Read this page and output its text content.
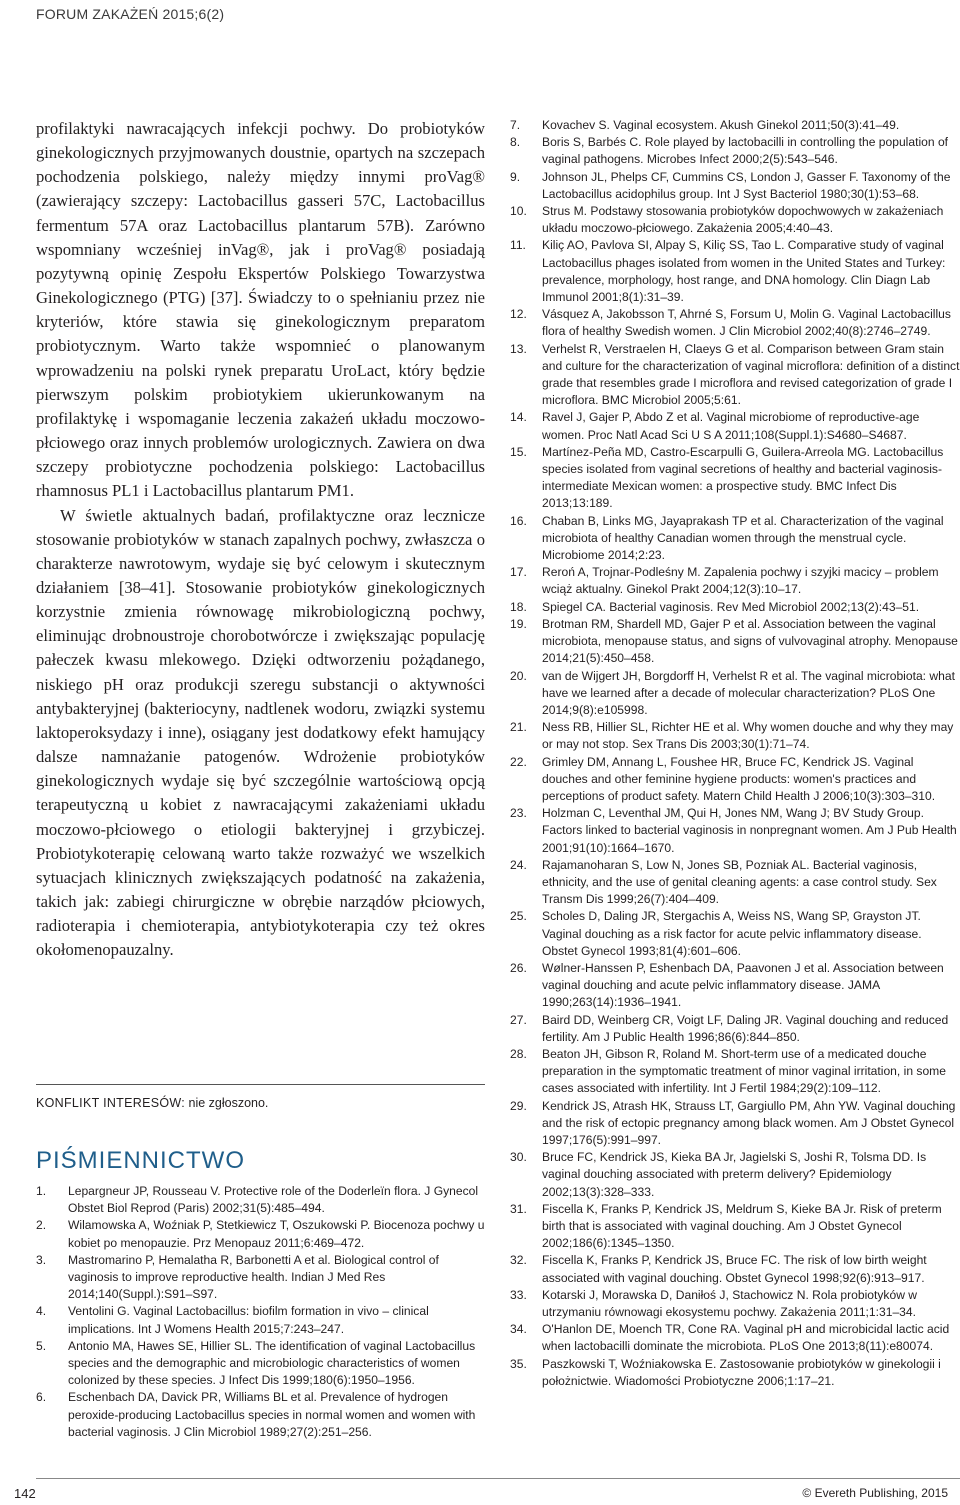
FORUM ZAKAŻEŃ 2015;6(2)

profilaktyki nawracających infekcji pochwy. Do probiotyków ginekologicznych przyjmowanych doustnie, opartych na szczepach pochodzenia polskiego, należy między innymi proVag® (zawierający szczepy: Lactobacillus gasseri 57C, Lactobacillus fermentum 57A oraz Lactobacillus plantarum 57B). Zarówno wspomniany wcześniej inVag®, jak i proVag® posiadają pozytywną opinię Zespołu Ekspertów Polskiego Towarzystwa Ginekologicznego (PTG) [37]. Świadczy to o spełnianiu przez nie kryteriów, które stawia się ginekologicznym preparatom probiotycznym. Warto także wspomnieć o planowanym wprowadzeniu na polski rynek preparatu UroLact, który będzie pierwszym polskim probiotykiem ukierunkowanym na profilaktykę i wspomaganie leczenia zakażeń układu moczowo-płciowego oraz innych problemów urologicznych. Zawiera on dwa szczepy probiotyczne pochodzenia polskiego: Lactobacillus rhamnosus PL1 i Lactobacillus plantarum PM1.

W świetle aktualnych badań, profilaktyczne oraz lecznicze stosowanie probiotyków w stanach zapalnych pochwy, zwłaszcza o charakterze nawrotowym, wydaje się być celowym i skutecznym działaniem [38–41]. Stosowanie probiotyków ginekologicznych korzystnie zmienia równowagę mikrobiologiczną pochwy, eliminując drobnoustroje chorobotwórcze i zwiększając populację pałeczek kwasu mlekowego. Dzięki odtworzeniu pożądanego, niskiego pH oraz produkcji szeregu substancji o aktywności antybakteryjnej (bakteriocyny, nadtlenek wodoru, związki systemu laktoperoksydazy i inne), osiągany jest dodatkowy efekt hamujący dalsze namnażanie patogenów. Wdrożenie probiotyków ginekologicznych wydaje się być szczególnie wartościową opcją terapeutyczną u kobiet z nawracającymi zakażeniami układu moczowo-płciowego o etiologii bakteryjnej i grzybiczej. Probiotykoterapię celowaną warto także rozważyć we wszelkich sytuacjach klinicznych zwiększających podatność na zakażenia, takich jak: zabiegi chirurgiczne w obrębie narządów płciowych, radioterapia i chemioterapia, antybiotykoterapia czy też okres okołomenopauzalny.

KONFLIKT INTERESÓW: nie zgłoszono.
PIŚMIENNICTWO
1.	Lepargneur JP, Rousseau V. Protective role of the Doderleïn flora. J Gynecol Obstet Biol Reprod (Paris) 2002;31(5):485–494.
2.	Wilamowska A, Woźniak P, Stetkiewicz T, Oszukowski P. Biocenoza pochwy u kobiet po menopauzie. Prz Menopauz 2011;6:469–472.
3.	Mastromarino P, Hemalatha R, Barbonetti A et al. Biological control of vaginosis to improve reproductive health. Indian J Med Res 2014;140(Suppl.):S91–S97.
4.	Ventolini G. Vaginal Lactobacillus: biofilm formation in vivo – clinical implications. Int J Womens Health 2015;7:243–247.
5.	Antonio MA, Hawes SE, Hillier SL. The identification of vaginal Lactobacillus species and the demographic and microbiologic characteristics of women colonized by these species. J Infect Dis 1999;180(6):1950–1956.
6.	Eschenbach DA, Davick PR, Williams BL et al. Prevalence of hydrogen peroxide-producing Lactobacillus species in normal women and women with bacterial vaginosis. J Clin Microbiol 1989;27(2):251–256.
7.	Kovachev S. Vaginal ecosystem. Akush Ginekol 2011;50(3):41–49.
8.	Boris S, Barbés C. Role played by lactobacilli in controlling the population of vaginal pathogens. Microbes Infect 2000;2(5):543–546.
9.	Johnson JL, Phelps CF, Cummins CS, London J, Gasser F. Taxonomy of the Lactobacillus acidophilus group. Int J Syst Bacteriol 1980;30(1):53–68.
10.	Strus M. Podstawy stosowania probiotyków dopochwowych w zakażeniach układu moczowo-płciowego. Zakażenia 2005;4:40–43.
11.	Kiliç AO, Pavlova SI, Alpay S, Kiliç SS, Tao L. Comparative study of vaginal Lactobacillus phages isolated from women in the United States and Turkey: prevalence, morphology, host range, and DNA homology. Clin Diagn Lab Immunol 2001;8(1):31–39.
12.	Vásquez A, Jakobsson T, Ahrné S, Forsum U, Molin G. Vaginal Lactobacillus flora of healthy Swedish women. J Clin Microbiol 2002;40(8):2746–2749.
13.	Verhelst R, Verstraelen H, Claeys G et al. Comparison between Gram stain and culture for the characterization of vaginal microflora: definition of a distinct grade that resembles grade I microflora and revised categorization of grade I microflora. BMC Microbiol 2005;5:61.
14.	Ravel J, Gajer P, Abdo Z et al. Vaginal microbiome of reproductive-age women. Proc Natl Acad Sci U S A 2011;108(Suppl.1):S4680–S4687.
15.	Martínez-Peña MD, Castro-Escarpulli G, Guilera-Arreola MG. Lactobacillus species isolated from vaginal secretions of healthy and bacterial vaginosis-intermediate Mexican women: a prospective study. BMC Infect Dis 2013;13:189.
16.	Chaban B, Links MG, Jayaprakash TP et al. Characterization of the vaginal microbiota of healthy Canadian women through the menstrual cycle. Microbiome 2014;2:23.
17.	Reroń A, Trojnar-Podleśny M. Zapalenia pochwy i szyjki macicy – problem wciąż aktualny. Ginekol Prakt 2004;12(3):10–17.
18.	Spiegel CA. Bacterial vaginosis. Rev Med Microbiol 2002;13(2):43–51.
19.	Brotman RM, Shardell MD, Gajer P et al. Association between the vaginal microbiota, menopause status, and signs of vulvovaginal atrophy. Menopause 2014;21(5):450–458.
20.	van de Wijgert JH, Borgdorff H, Verhelst R et al. The vaginal microbiota: what have we learned after a decade of molecular characterization? PLoS One 2014;9(8):e105998.
21.	Ness RB, Hillier SL, Richter HE et al. Why women douche and why they may or may not stop. Sex Trans Dis 2003;30(1):71–74.
22.	Grimley DM, Annang L, Foushee HR, Bruce FC, Kendrick JS. Vaginal douches and other feminine hygiene products: women's practices and perceptions of product safety. Matern Child Health J 2006;10(3):303–310.
23.	Holzman C, Leventhal JM, Qui H, Jones NM, Wang J; BV Study Group. Factors linked to bacterial vaginosis in nonpregnant women. Am J Pub Health 2001;91(10):1664–1670.
24.	Rajamanoharan S, Low N, Jones SB, Pozniak AL. Bacterial vaginosis, ethnicity, and the use of genital cleaning agents: a case control study. Sex Transm Dis 1999;26(7):404–409.
25.	Scholes D, Daling JR, Stergachis A, Weiss NS, Wang SP, Grayston JT. Vaginal douching as a risk factor for acute pelvic inflammatory disease. Obstet Gynecol 1993;81(4):601–606.
26.	Wølner-Hanssen P, Eshenbach DA, Paavonen J et al. Association between vaginal douching and acute pelvic inflammatory disease. JAMA 1990;263(14):1936–1941.
27.	Baird DD, Weinberg CR, Voigt LF, Daling JR. Vaginal douching and reduced fertility. Am J Public Health 1996;86(6):844–850.
28.	Beaton JH, Gibson R, Roland M. Short-term use of a medicated douche preparation in the symptomatic treatment of minor vaginal irritation, in some cases associated with infertility. Int J Fertil 1984;29(2):109–112.
29.	Kendrick JS, Atrash HK, Strauss LT, Gargiullo PM, Ahn YW. Vaginal douching and the risk of ectopic pregnancy among black women. Am J Obstet Gynecol 1997;176(5):991–997.
30.	Bruce FC, Kendrick JS, Kieka BA Jr, Jagielski S, Joshi R, Tolsma DD. Is vaginal douching associated with preterm delivery? Epidemiology 2002;13(3):328–333.
31.	Fiscella K, Franks P, Kendrick JS, Meldrum S, Kieke BA Jr. Risk of preterm birth that is associated with vaginal douching. Am J Obstet Gynecol 2002;186(6):1345–1350.
32.	Fiscella K, Franks P, Kendrick JS, Bruce FC. The risk of low birth weight associated with vaginal douching. Obstet Gynecol 1998;92(6):913–917.
33.	Kotarski J, Morawska D, Daniłoś J, Stachowicz N. Rola probiotyków w utrzymaniu równowagi ekosystemu pochwy. Zakażenia 2011;1:31–34.
34.	O'Hanlon DE, Moench TR, Cone RA. Vaginal pH and microbicidal lactic acid when lactobacilli dominate the microbiota. PLoS One 2013;8(11):e80074.
35.	Paszkowski T, Woźniakowska E. Zastosowanie probiotyków w ginekologii i położnictwie. Wiadomości Probiotyczne 2006;1:17–21.
142	© Evereth Publishing, 2015
